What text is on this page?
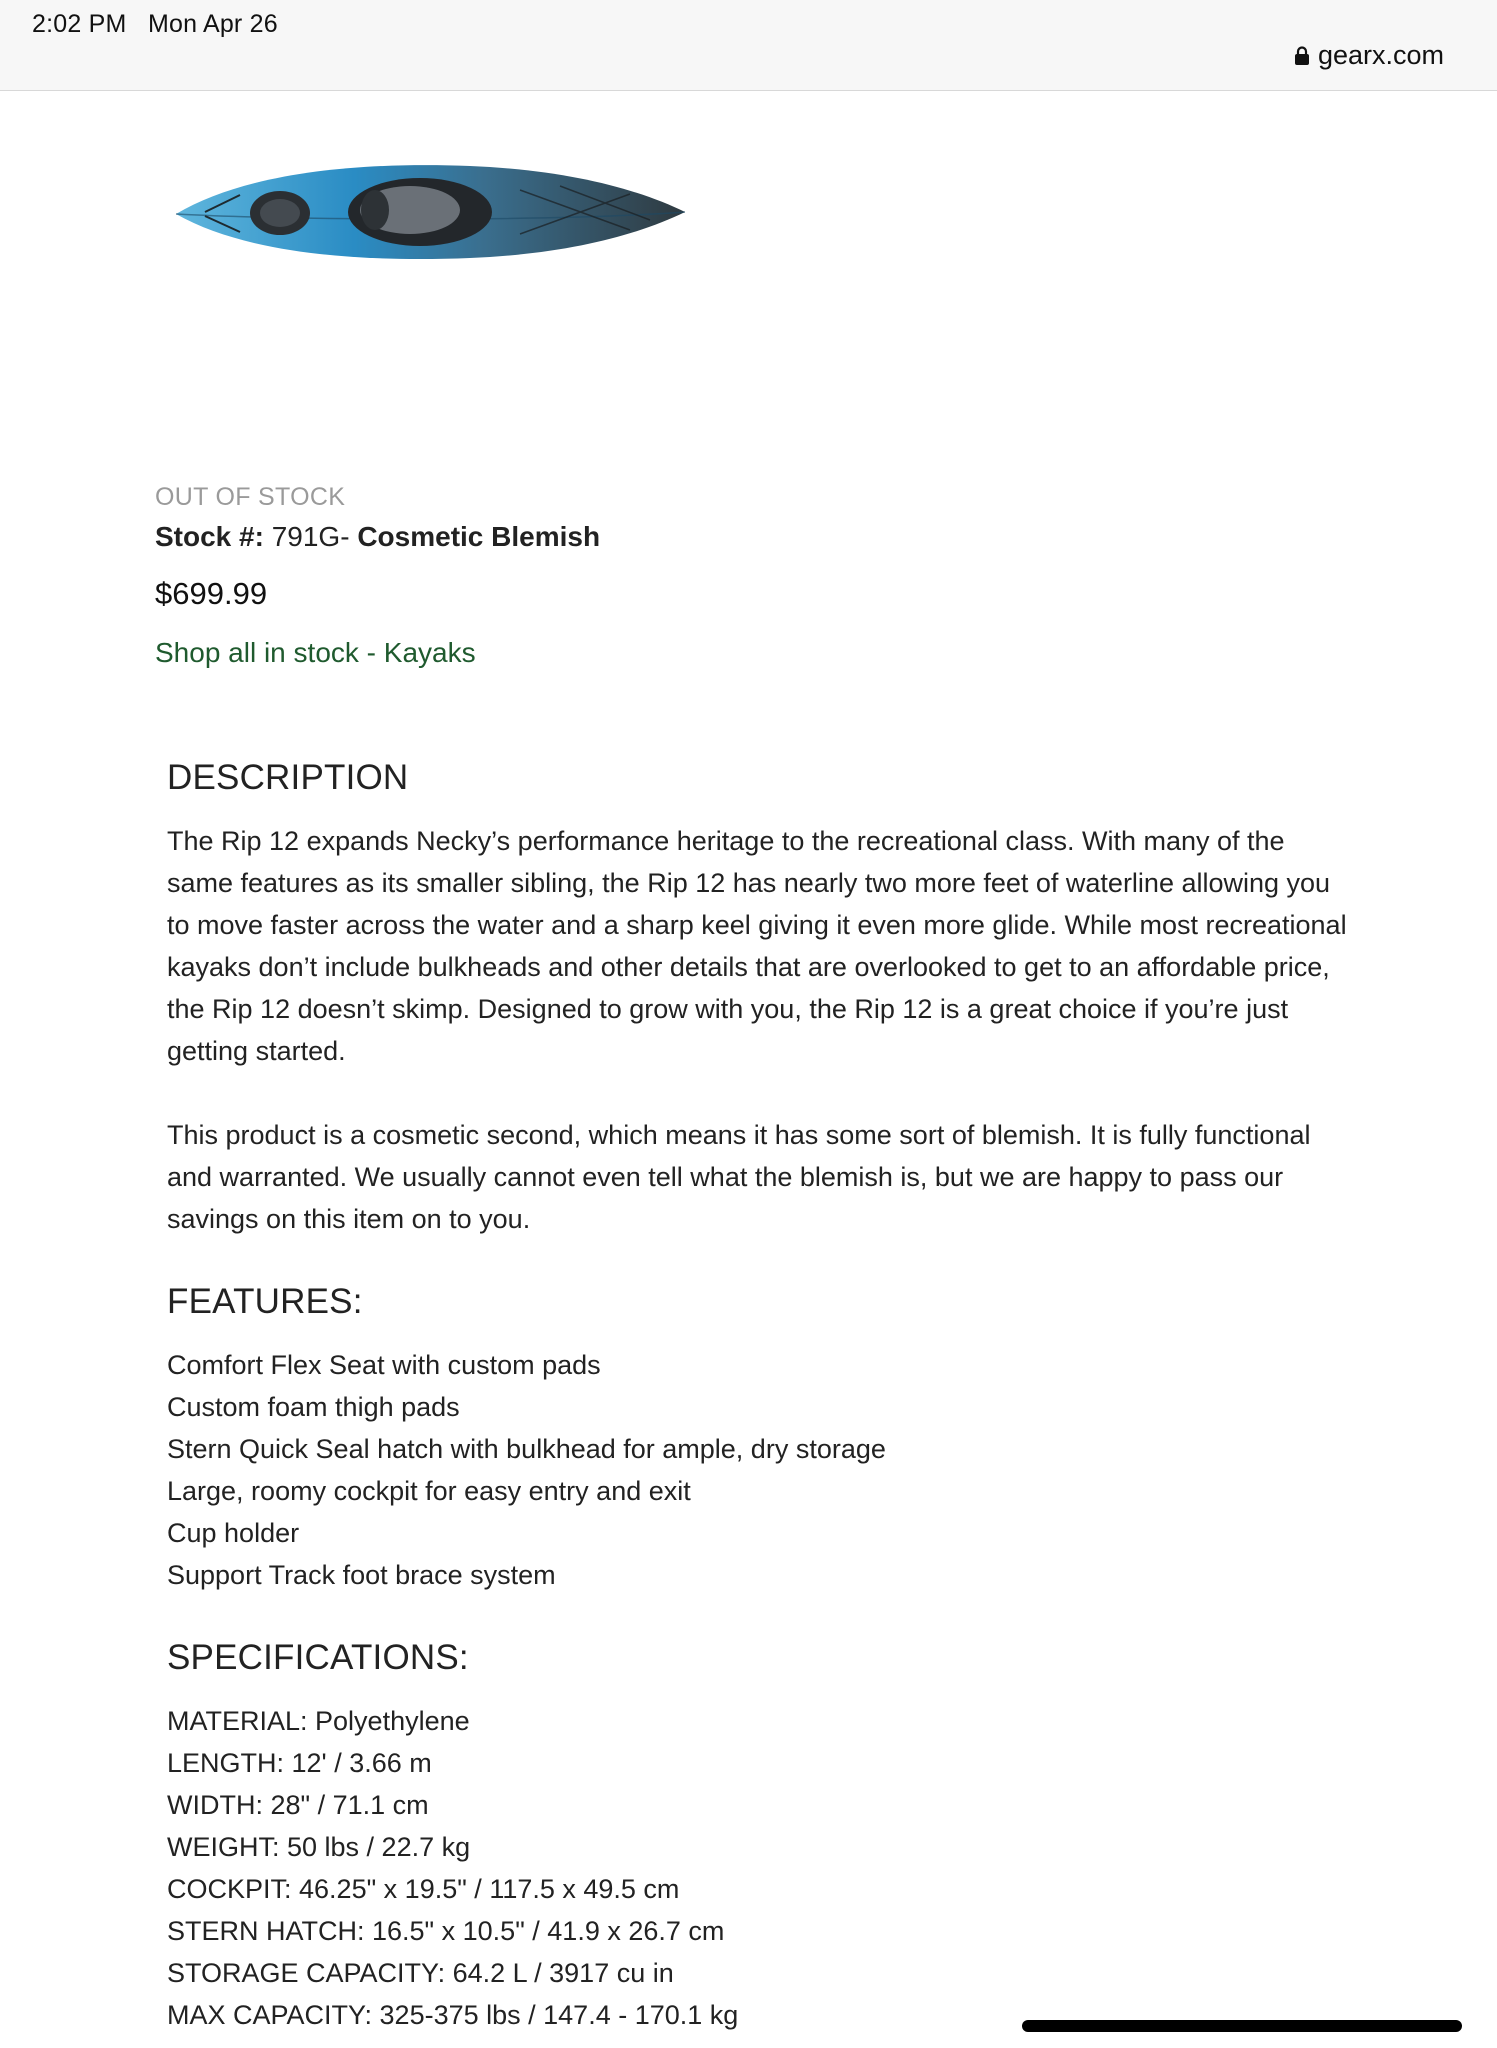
2:02 PM Mon Apr 26
gearx.com
OUT OF STOCK
Stock #: 791G- Cosmetic Blemish
$699.99
Shop all in stock - Kayaks
DESCRIPTION

The Rip 12 expands Necky’s performance heritage to the recreational class. With many of the same features as its smaller sibling, the Rip 12 has nearly two more feet of waterline allowing you to move faster across the water and a sharp keel giving it even more glide. While most recreational kayaks don’t include bulkheads and other details that are overlooked to get to an affordable price, the Rip 12 doesn’t skimp. Designed to grow with you, the Rip 12 is a great choice if you’re just getting started.

This product is a cosmetic second, which means it has some sort of blemish. It is fully functional and warranted. We usually cannot even tell what the blemish is, but we are happy to pass our savings on this item on to you.

FEATURES:
Comfort Flex Seat with custom pads
Custom foam thigh pads
Stern Quick Seal hatch with bulkhead for ample, dry storage
Large, roomy cockpit for easy entry and exit
Cup holder
Support Track foot brace system
SPECIFICATIONS:
MATERIAL: Polyethylene
LENGTH: 12' / 3.66 m
WIDTH: 28" / 71.1 cm
WEIGHT: 50 lbs / 22.7 kg
COCKPIT: 46.25" x 19.5" / 117.5 x 49.5 cm
STERN HATCH: 16.5" x 10.5" / 41.9 x 26.7 cm
STORAGE CAPACITY: 64.2 L / 3917 cu in
MAX CAPACITY: 325-375 lbs / 147.4 - 170.1 kg
